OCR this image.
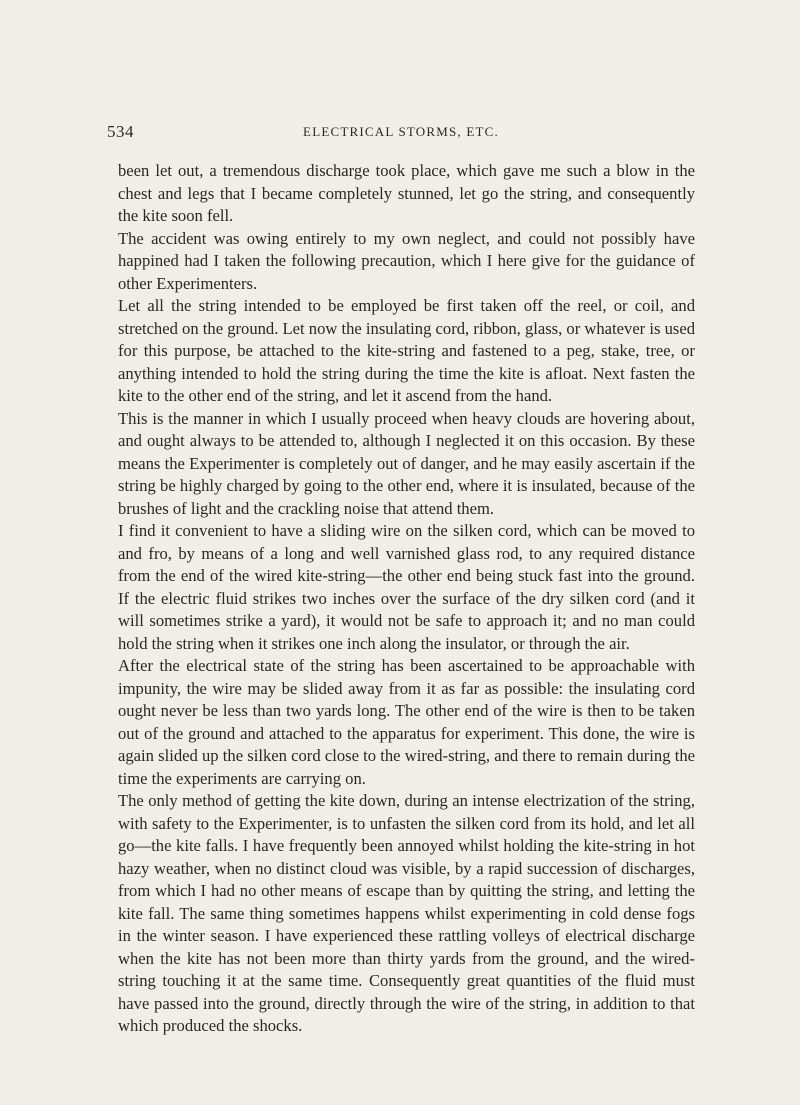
534	ELECTRICAL STORMS, ETC.

been let out, a tremendous discharge took place, which gave me such a blow in the chest and legs that I became completely stunned, let go the string, and consequently the kite soon fell.

The accident was owing entirely to my own neglect, and could not possibly have happined had I taken the following precaution, which I here give for the guidance of other Experimenters.

Let all the string intended to be employed be first taken off the reel, or coil, and stretched on the ground. Let now the insulating cord, ribbon, glass, or whatever is used for this purpose, be attached to the kite-string and fastened to a peg, stake, tree, or anything intended to hold the string during the time the kite is afloat. Next fasten the kite to the other end of the string, and let it ascend from the hand.

This is the manner in which I usually proceed when heavy clouds are hovering about, and ought always to be attended to, although I neglected it on this occasion. By these means the Experimenter is completely out of danger, and he may easily ascertain if the string be highly charged by going to the other end, where it is insulated, because of the brushes of light and the crackling noise that attend them.

I find it convenient to have a sliding wire on the silken cord, which can be moved to and fro, by means of a long and well varnished glass rod, to any required distance from the end of the wired kite-string—the other end being stuck fast into the ground. If the electric fluid strikes two inches over the surface of the dry silken cord (and it will sometimes strike a yard), it would not be safe to approach it; and no man could hold the string when it strikes one inch along the insulator, or through the air.

After the electrical state of the string has been ascertained to be approachable with impunity, the wire may be slided away from it as far as possible: the insulating cord ought never be less than two yards long. The other end of the wire is then to be taken out of the ground and attached to the apparatus for experiment. This done, the wire is again slided up the silken cord close to the wired-string, and there to remain during the time the experiments are carrying on.

The only method of getting the kite down, during an intense electrization of the string, with safety to the Experimenter, is to unfasten the silken cord from its hold, and let all go—the kite falls. I have frequently been annoyed whilst holding the kite-string in hot hazy weather, when no distinct cloud was visible, by a rapid succession of discharges, from which I had no other means of escape than by quitting the string, and letting the kite fall. The same thing sometimes happens whilst experimenting in cold dense fogs in the winter season. I have experienced these rattling volleys of electrical discharge when the kite has not been more than thirty yards from the ground, and the wired-string touching it at the same time. Consequently great quantities of the fluid must have passed into the ground, directly through the wire of the string, in addition to that which produced the shocks.
